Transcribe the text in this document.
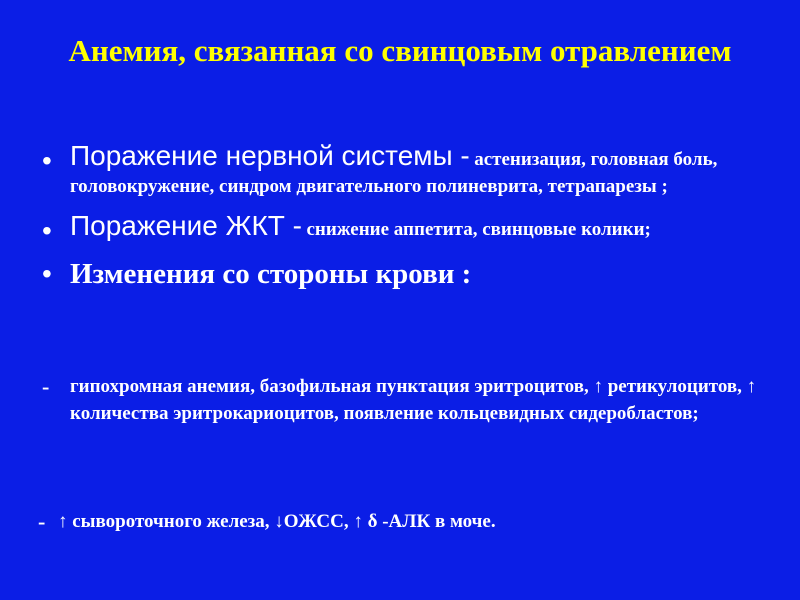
Анемия, связанная со свинцовым отравлением
• Поражение нервной системы - астенизация, головная боль, головокружение, синдром двигательного полиневрита, тетрапарезы ;
• Поражение ЖКТ - снижение аппетита, свинцовые колики;
• Изменения со стороны крови :
-	гипохромная анемия, базофильная пунктация эритроцитов, ↑ ретикулоцитов, ↑ количества эритрокариоцитов, появление кольцевидных сидеробластов;
- ↑ сывороточного железа, ↓ОЖСС, ↑ δ -АЛК в моче.
